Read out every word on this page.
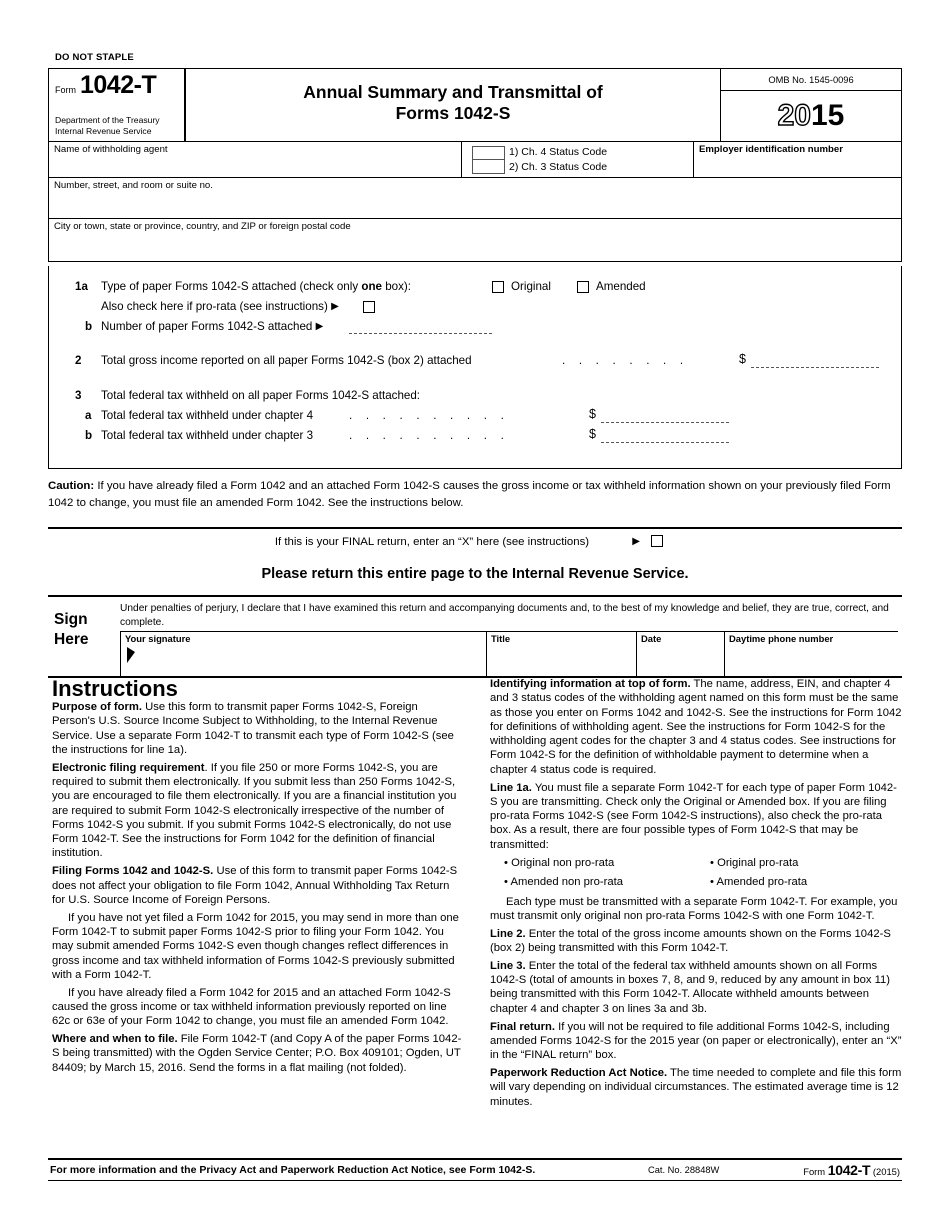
DO NOT STAPLE
Form 1042-T
Department of the Treasury
Internal Revenue Service
Annual Summary and Transmittal of
Forms 1042-S
OMB No. 1545-0096
20 15
Name of withholding agent	1) Ch. 4 Status Code
2) Ch. 3 Status Code
Employer identification number
Number, street, and room or suite no.
City or town, state or province, country, and ZIP or foreign postal code
1a Type of paper Forms 1042-S attached (check only one box):	Original	Amended
Also check here if pro-rata (see instructions) ▶
b Number of paper Forms 1042-S attached ▶
2 Total gross income reported on all paper Forms 1042-S (box 2) attached	. . . . . . . .	$
3 Total federal tax withheld on all paper Forms 1042-S attached:
a Total federal tax withheld under chapter 4	. . . . . . . . . .	$
b Total federal tax withheld under chapter 3	. . . . . . . . . .	$
Caution: If you have already filed a Form 1042 and an attached Form 1042-S causes the gross income or tax withheld information shown on your previously filed Form 1042 to change, you must file an amended Form 1042. See the instructions below.
If this is your FINAL return, enter an “X” here (see instructions)	▶
Please return this entire page to the Internal Revenue Service.
Sign
Here
Under penalties of perjury, I declare that I have examined this return and accompanying documents and, to the best of my knowledge and belief, they are true, correct, and complete.
Your signature	Title	Date	Daytime phone number
Instructions

Purpose of form. Use this form to transmit paper Forms 1042-S, Foreign Person's U.S. Source Income Subject to Withholding, to the Internal Revenue Service. Use a separate Form 1042-T to transmit each type of Form 1042-S (see the instructions for line 1a).

Electronic filing requirement. If you file 250 or more Forms 1042-S, you are required to submit them electronically. If you submit less than 250 Forms 1042-S, you are encouraged to file them electronically. If you are a financial institution you are required to submit Form 1042-S electronically irrespective of the number of Forms 1042-S you submit. If you submit Forms 1042-S electronically, do not use Form 1042-T. See the instructions for Form 1042 for the definition of financial institution.

Filing Forms 1042 and 1042-S. Use of this form to transmit paper Forms 1042-S does not affect your obligation to file Form 1042, Annual Withholding Tax Return for U.S. Source Income of Foreign Persons.

If you have not yet filed a Form 1042 for 2015, you may send in more than one Form 1042-T to submit paper Forms 1042-S prior to filing your Form 1042. You may submit amended Forms 1042-S even though changes reflect differences in gross income and tax withheld information of Forms 1042-S previously submitted with a Form 1042-T.

If you have already filed a Form 1042 for 2015 and an attached Form 1042-S caused the gross income or tax withheld information previously reported on line 62c or 63e of your Form 1042 to change, you must file an amended Form 1042.

Where and when to file. File Form 1042-T (and Copy A of the paper Forms 1042-S being transmitted) with the Ogden Service Center; P.O. Box 409101; Ogden, UT 84409; by March 15, 2016. Send the forms in a flat mailing (not folded).

Identifying information at top of form. The name, address, EIN, and chapter 4 and 3 status codes of the withholding agent named on this form must be the same as those you enter on Forms 1042 and 1042-S. See the instructions for Form 1042 for definitions of withholding agent. See the instructions for Form 1042-S for the withholding agent codes for the chapter 3 and 4 status codes. See instructions for Form 1042-S for the definition of withholdable payment to determine when a chapter 4 status code is required.

Line 1a. You must file a separate Form 1042-T for each type of paper Form 1042-S you are transmitting. Check only the Original or Amended box. If you are filing pro-rata Forms 1042-S (see Form 1042-S instructions), also check the pro-rata box. As a result, there are four possible types of Form 1042-S that may be transmitted:

• Original non pro-rata

• Amended non pro-rata

• Original pro-rata

• Amended pro-rata

Each type must be transmitted with a separate Form 1042-T. For example, you must transmit only original non pro-rata Forms 1042-S with one Form 1042-T.

Line 2. Enter the total of the gross income amounts shown on the Forms 1042-S (box 2) being transmitted with this Form 1042-T.

Line 3. Enter the total of the federal tax withheld amounts shown on all Forms 1042-S (total of amounts in boxes 7, 8, and 9, reduced by any amount in box 11) being transmitted with this Form 1042-T. Allocate withheld amounts between chapter 4 and chapter 3 on lines 3a and 3b.

Final return. If you will not be required to file additional Forms 1042-S, including amended Forms 1042-S for the 2015 year (on paper or electronically), enter an “X” in the “FINAL return” box.

Paperwork Reduction Act Notice. The time needed to complete and file this form will vary depending on individual circumstances. The estimated average time is 12 minutes.

For more information and the Privacy Act and Paperwork Reduction Act Notice, see Form 1042-S.	Cat. No. 28848W	Form 1042-T (2015)
